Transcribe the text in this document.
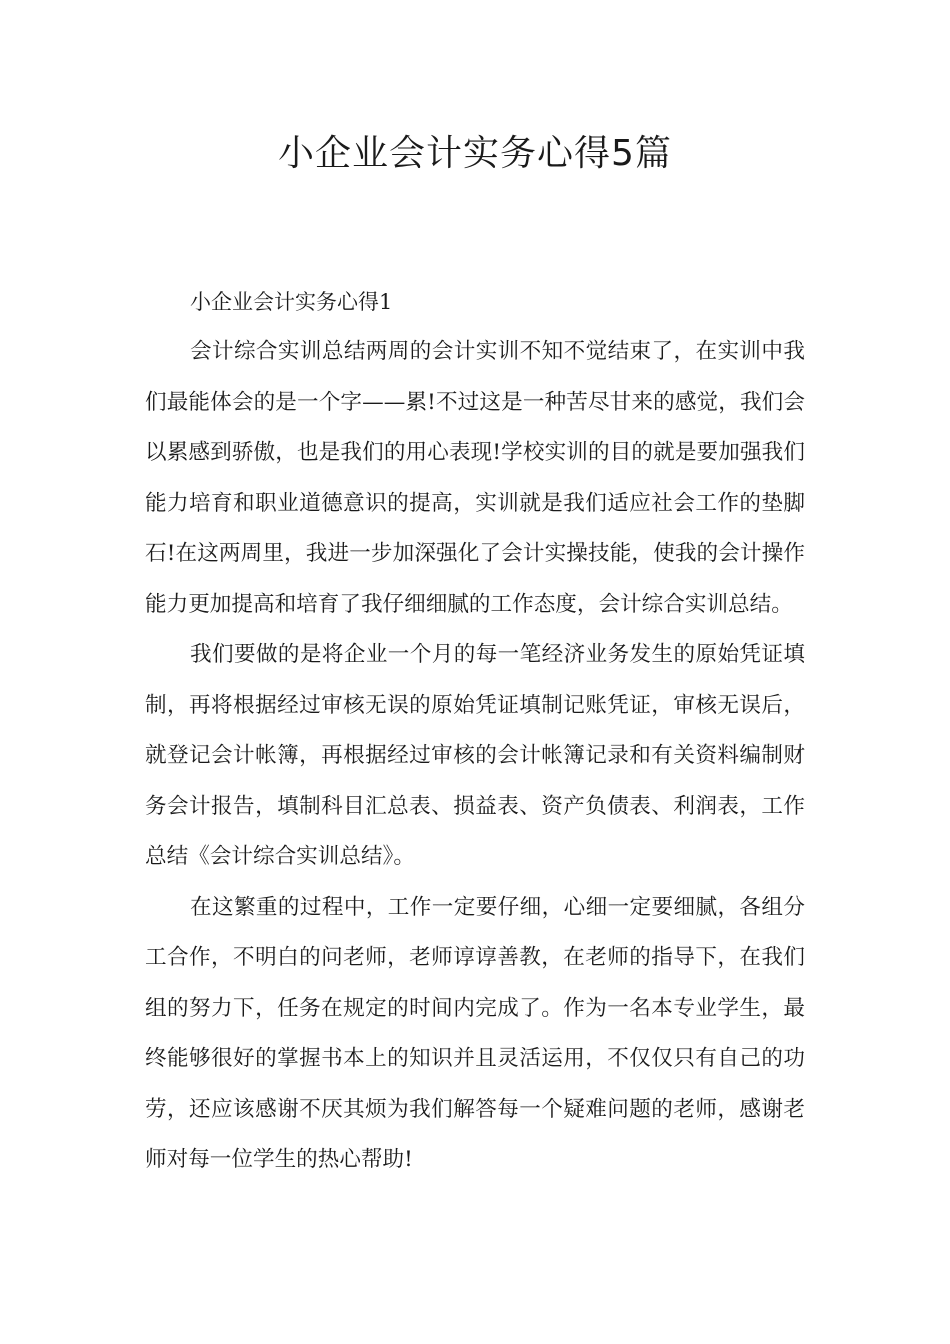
小企业会计实务心得5篇

小企业会计实务心得1

会计综合实训总结两周的会计实训不知不觉结束了，在实训中我们最能体会的是一个字——累!不过这是一种苦尽甘来的感觉，我们会以累感到骄傲，也是我们的用心表现!学校实训的目的就是要加强我们能力培育和职业道德意识的提高，实训就是我们适应社会工作的垫脚石!在这两周里，我进一步加深强化了会计实操技能，使我的会计操作能力更加提高和培育了我仔细细腻的工作态度，会计综合实训总结。

我们要做的是将企业一个月的每一笔经济业务发生的原始凭证填制，再将根据经过审核无误的原始凭证填制记账凭证，审核无误后，就登记会计帐簿，再根据经过审核的会计帐簿记录和有关资料编制财务会计报告，填制科目汇总表、损益表、资产负债表、利润表，工作总结《会计综合实训总结》。

在这繁重的过程中，工作一定要仔细，心细一定要细腻，各组分工合作，不明白的问老师，老师谆谆善教，在老师的指导下，在我们组的努力下，任务在规定的时间内完成了。作为一名本专业学生，最终能够很好的掌握书本上的知识并且灵活运用，不仅仅只有自己的功劳，还应该感谢不厌其烦为我们解答每一个疑难问题的老师，感谢老师对每一位学生的热心帮助!
